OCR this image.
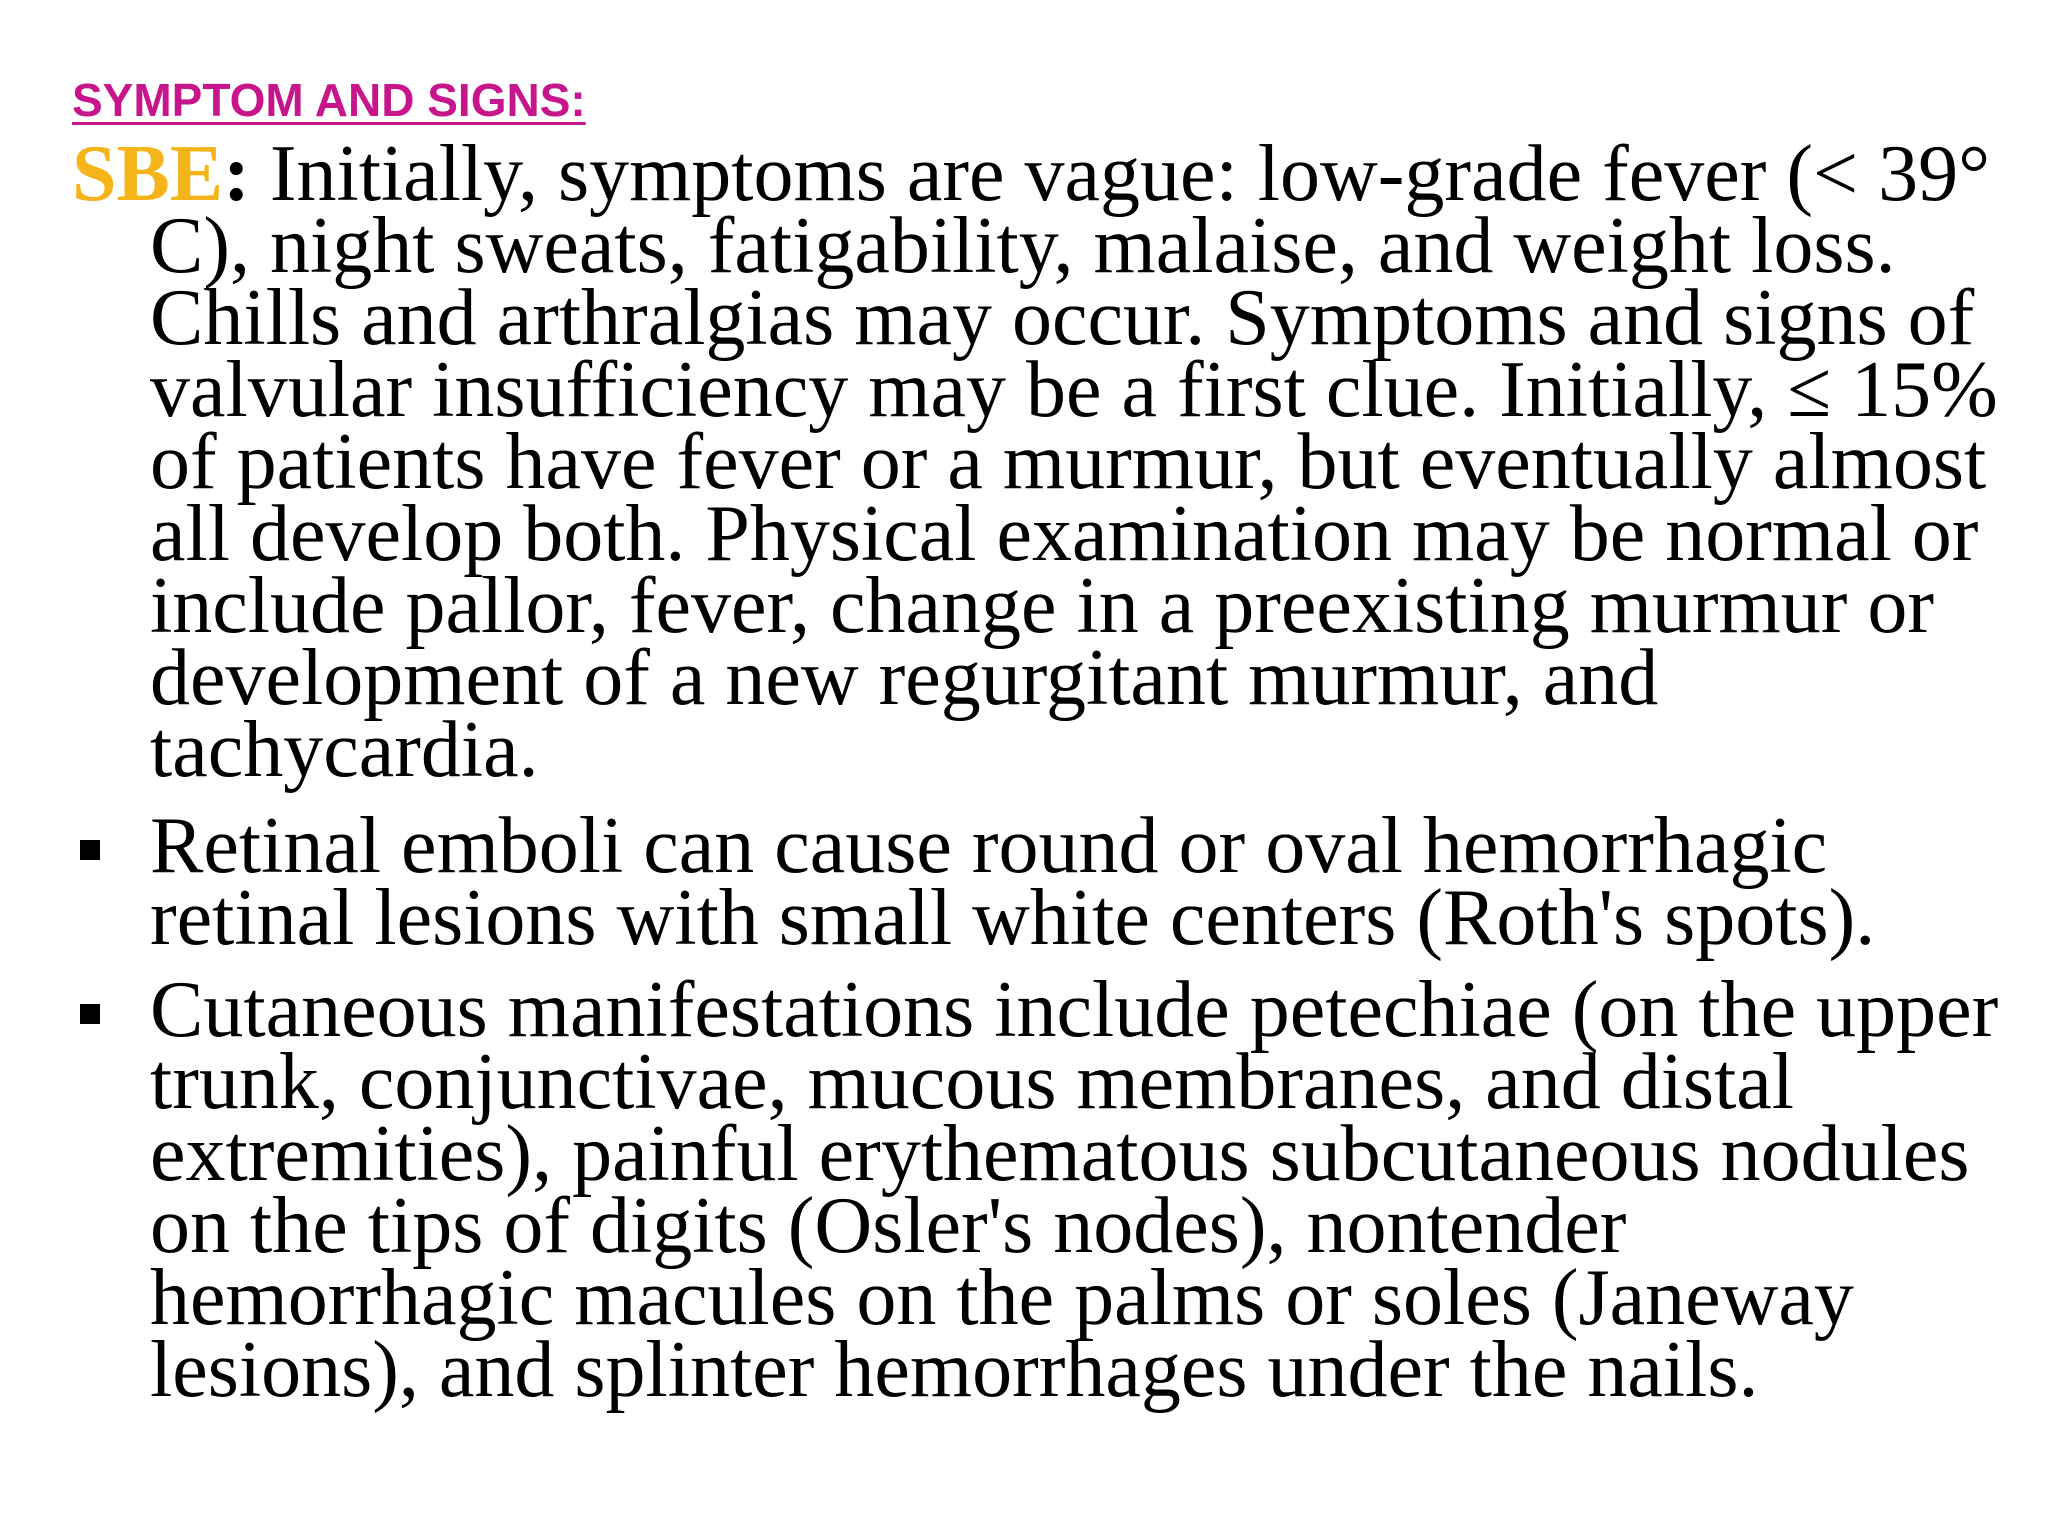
SYMPTOM AND SIGNS:

SBE: Initially, symptoms are vague: low-grade fever (< 39° C), night sweats, fatigability, malaise, and weight loss. Chills and arthralgias may occur. Symptoms and signs of valvular insufficiency may be a first clue. Initially, ≤ 15% of patients have fever or a murmur, but eventually almost all develop both. Physical examination may be normal or include pallor, fever, change in a preexisting murmur or development of a new regurgitant murmur, and tachycardia.

Retinal emboli can cause round or oval hemorrhagic retinal lesions with small white centers (Roth's spots).
Cutaneous manifestations include petechiae (on the upper trunk, conjunctivae, mucous membranes, and distal extremities), painful erythematous subcutaneous nodules on the tips of digits (Osler's nodes), nontender hemorrhagic macules on the palms or soles (Janeway lesions), and splinter hemorrhages under the nails.
